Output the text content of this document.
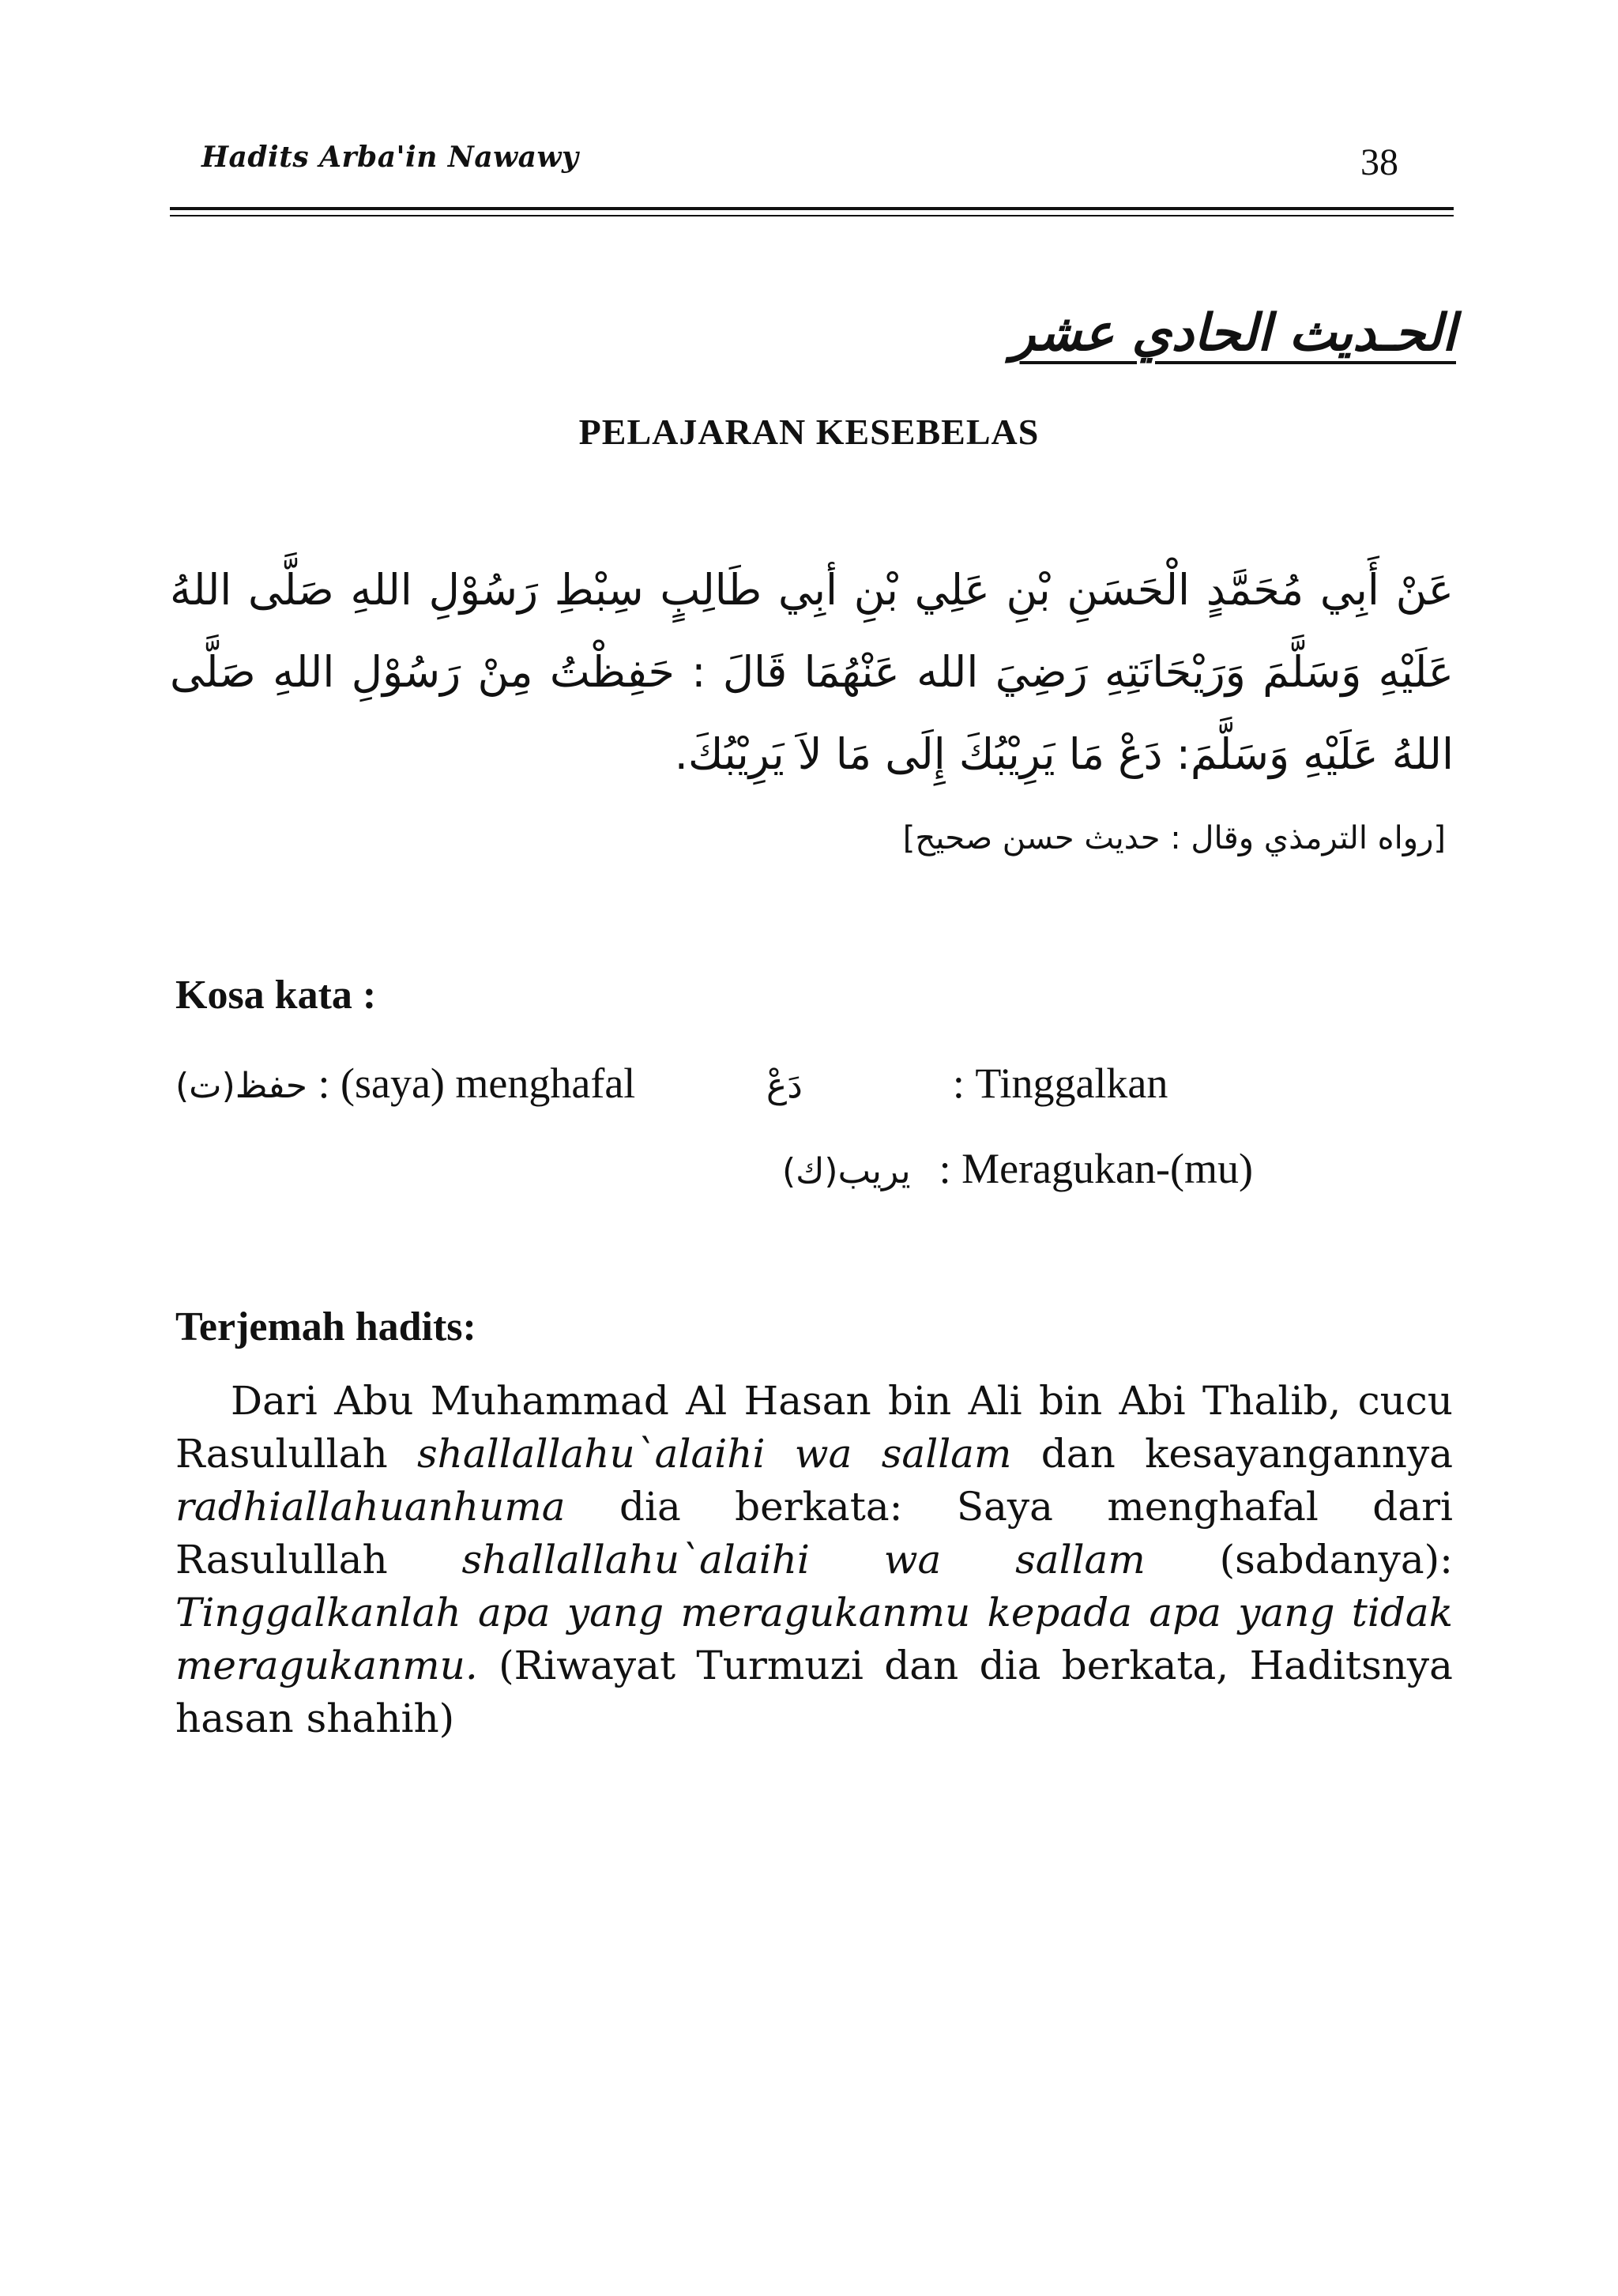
Hadits Arba'in Nawawy	38
الحـديث الحادي عشر
PELAJARAN KESEBELAS
عَنْ أَبِي مُحَمَّدٍ الْحَسَنِ بْنِ عَلِي بْنِ أبِي طَالِبٍ سِبْطِ رَسُوْلِ اللهِ صَلَّى اللهُ عَلَيْهِ وَسَلَّمَ وَرَيْحَانَتِهِ رَضِيَ الله عَنْهُمَا قَالَ : حَفِظْتُ مِنْ رَسُوْلِ اللهِ صَلَّى اللهُ عَلَيْهِ وَسَلَّمَ: دَعْ مَا يَرِيْبُكَ إِلَى مَا لاَ يَرِيْبُكَ.
[رواه الترمذي وقال : حديث حسن صحيح]
Kosa kata :
حفظ(ت) : (saya) menghafal	دَعْ	: Tinggalkan
يريب(ك) : Meragukan-(mu)
Terjemah hadits:

Dari Abu Muhammad Al Hasan bin Ali bin Abi Thalib, cucu Rasulullah shallallahu`alaihi wa sallam dan kesayangannya radhiallahuanhuma dia berkata: Saya menghafal dari Rasulullah shallallahu`alaihi wa sallam (sabdanya): Tinggalkanlah apa yang meragukanmu kepada apa yang tidak meragukanmu. (Riwayat Turmuzi dan dia berkata, Haditsnya hasan shahih)
